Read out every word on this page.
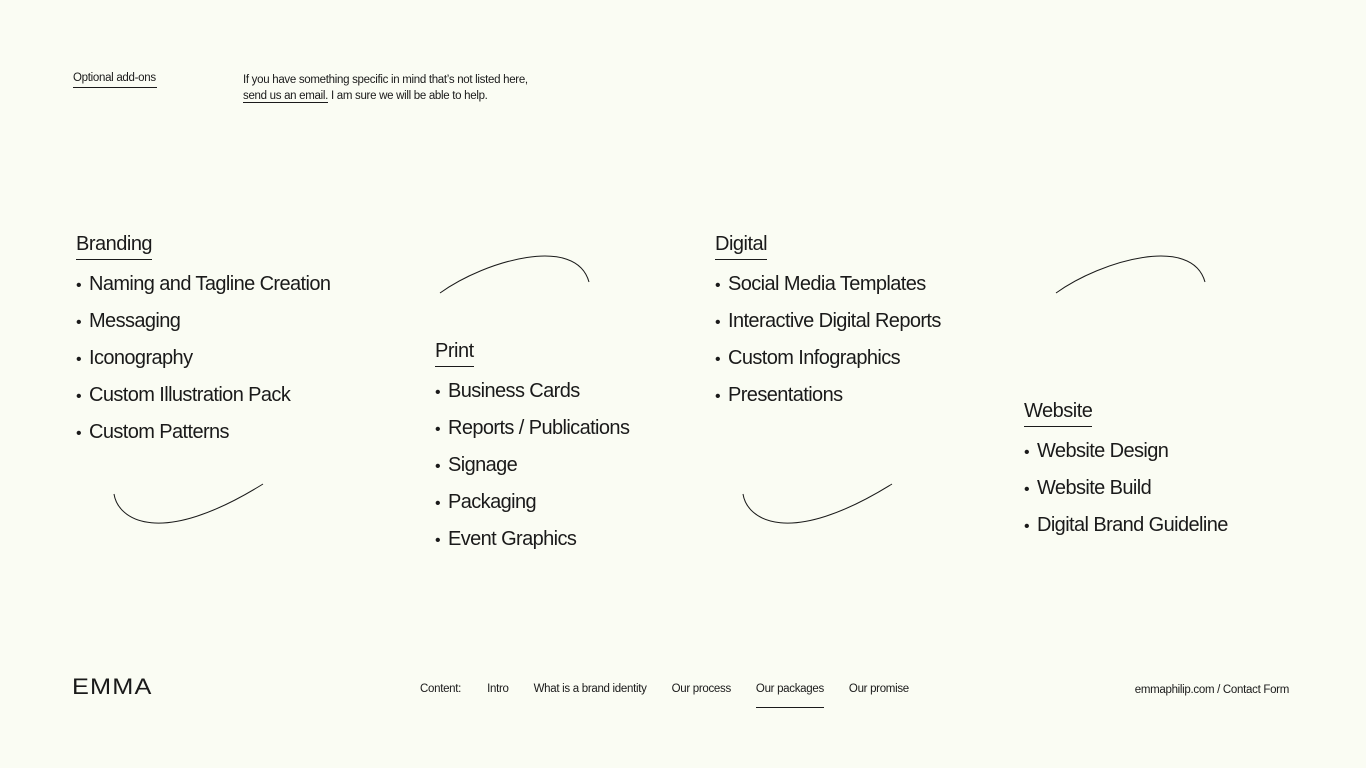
Optional add-ons	If you have something specific in mind that’s not listed here,
send us an email. I am sure we will be able to help.
Branding
• Naming and Tagline Creation
• Messaging
• Iconography
• Custom Illustration Pack
• Custom Patterns
Print
• Business Cards
• Reports / Publications
• Signage
• Packaging
• Event Graphics
Digital
• Social Media Templates
• Interactive Digital Reports
• Custom Infographics
• Presentations
Website
• Website Design
• Website Build
• Digital Brand Guideline
EMMA	Content: Intro What is a brand identity Our process Our packages Our promise	emmaphilip.com / Contact Form
